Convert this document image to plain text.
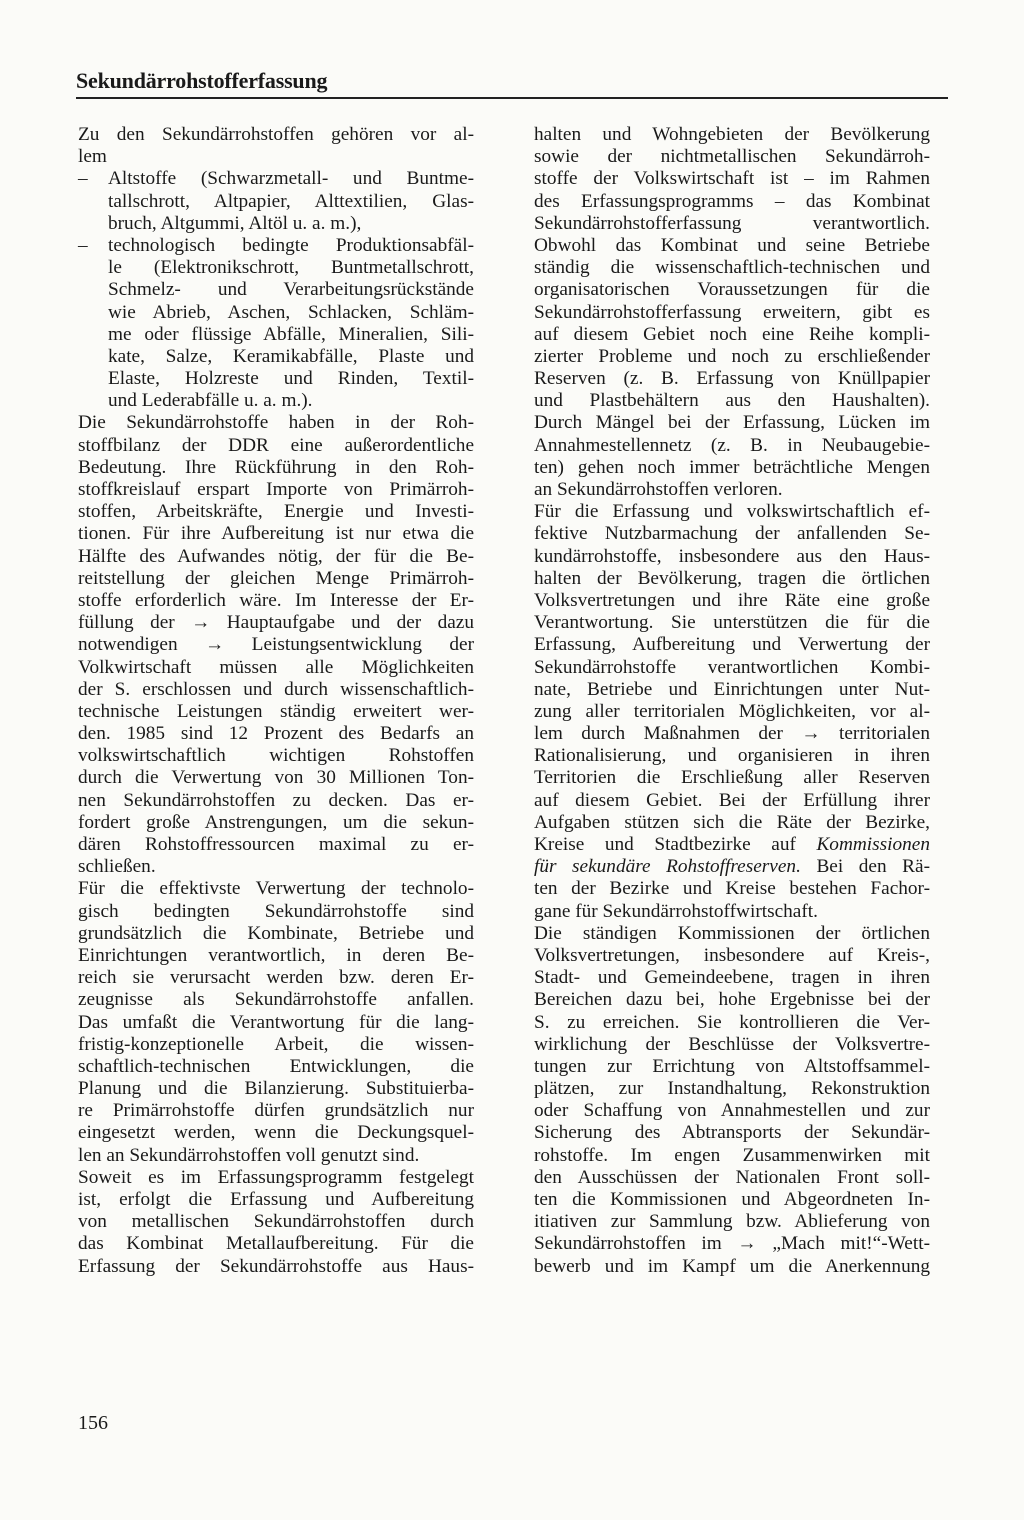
Sekundärrohstofferfassung
Zu den Sekundärrohstoffen gehören vor al-
lem
– Altstoffe (Schwarzmetall- und Buntme-
tallschrott, Altpapier, Alttextilien, Glas-
bruch, Altgummi, Altöl u. a. m.),
– technologisch bedingte Produktionsabfäl-
le (Elektronikschrott, Buntmetallschrott,
Schmelz- und Verarbeitungsrückstände
wie Abrieb, Aschen, Schlacken, Schläm-
me oder flüssige Abfälle, Mineralien, Sili-
kate, Salze, Keramikabfälle, Plaste und
Elaste, Holzreste und Rinden, Textil-
und Lederabfälle u. a. m.).
Die Sekundärrohstoffe haben in der Roh-
stoffbilanz der DDR eine außerordentliche
Bedeutung. Ihre Rückführung in den Roh-
stoffkreislauf erspart Importe von Primärroh-
stoffen, Arbeitskräfte, Energie und Investi-
tionen. Für ihre Aufbereitung ist nur etwa die
Hälfte des Aufwandes nötig, der für die Be-
reitstellung der gleichen Menge Primärroh-
stoffe erforderlich wäre. Im Interesse der Er-
füllung der → Hauptaufgabe und der dazu
notwendigen → Leistungsentwicklung der
Volkwirtschaft müssen alle Möglichkeiten
der S. erschlossen und durch wissenschaftlich-
technische Leistungen ständig erweitert wer-
den. 1985 sind 12 Prozent des Bedarfs an
volkswirtschaftlich wichtigen Rohstoffen
durch die Verwertung von 30 Millionen Ton-
nen Sekundärrohstoffen zu decken. Das er-
fordert große Anstrengungen, um die sekun-
dären Rohstoffressourcen maximal zu er-
schließen.
Für die effektivste Verwertung der technolo-
gisch bedingten Sekundärrohstoffe sind
grundsätzlich die Kombinate, Betriebe und
Einrichtungen verantwortlich, in deren Be-
reich sie verursacht werden bzw. deren Er-
zeugnisse als Sekundärrohstoffe anfallen.
Das umfaßt die Verantwortung für die lang-
fristig-konzeptionelle Arbeit, die wissen-
schaftlich-technischen Entwicklungen, die
Planung und die Bilanzierung. Substituierba-
re Primärrohstoffe dürfen grundsätzlich nur
eingesetzt werden, wenn die Deckungsquel-
len an Sekundärrohstoffen voll genutzt sind.
Soweit es im Erfassungsprogramm festgelegt
ist, erfolgt die Erfassung und Aufbereitung
von metallischen Sekundärrohstoffen durch
das Kombinat Metallaufbereitung. Für die
Erfassung der Sekundärrohstoffe aus Haus-
halten und Wohngebieten der Bevölkerung
sowie der nichtmetallischen Sekundärroh-
stoffe der Volkswirtschaft ist – im Rahmen
des Erfassungsprogramms – das Kombinat
Sekundärrohstofferfassung verantwortlich.
Obwohl das Kombinat und seine Betriebe
ständig die wissenschaftlich-technischen und
organisatorischen Voraussetzungen für die
Sekundärrohstofferfassung erweitern, gibt es
auf diesem Gebiet noch eine Reihe kompli-
zierter Probleme und noch zu erschließender
Reserven (z. B. Erfassung von Knüllpapier
und Plastbehältern aus den Haushalten).
Durch Mängel bei der Erfassung, Lücken im
Annahmestellennetz (z. B. in Neubaugebie-
ten) gehen noch immer beträchtliche Mengen
an Sekundärrohstoffen verloren.
Für die Erfassung und volkswirtschaftlich ef-
fektive Nutzbarmachung der anfallenden Se-
kundärrohstoffe, insbesondere aus den Haus-
halten der Bevölkerung, tragen die örtlichen
Volksvertretungen und ihre Räte eine große
Verantwortung. Sie unterstützen die für die
Erfassung, Aufbereitung und Verwertung der
Sekundärrohstoffe verantwortlichen Kombi-
nate, Betriebe und Einrichtungen unter Nut-
zung aller territorialen Möglichkeiten, vor al-
lem durch Maßnahmen der → territorialen
Rationalisierung, und organisieren in ihren
Territorien die Erschließung aller Reserven
auf diesem Gebiet. Bei der Erfüllung ihrer
Aufgaben stützen sich die Räte der Bezirke,
Kreise und Stadtbezirke auf Kommissionen
für sekundäre Rohstoffreserven. Bei den Rä-
ten der Bezirke und Kreise bestehen Fachor-
gane für Sekundärrohstoffwirtschaft.
Die ständigen Kommissionen der örtlichen
Volksvertretungen, insbesondere auf Kreis-,
Stadt- und Gemeindeebene, tragen in ihren
Bereichen dazu bei, hohe Ergebnisse bei der
S. zu erreichen. Sie kontrollieren die Ver-
wirklichung der Beschlüsse der Volksvertre-
tungen zur Errichtung von Altstoffsammel-
plätzen, zur Instandhaltung, Rekonstruktion
oder Schaffung von Annahmestellen und zur
Sicherung des Abtransports der Sekundär-
rohstoffe. Im engen Zusammenwirken mit
den Ausschüssen der Nationalen Front soll-
ten die Kommissionen und Abgeordneten In-
itiativen zur Sammlung bzw. Ablieferung von
Sekundärrohstoffen im → „Mach mit!“-Wett-
bewerb und im Kampf um die Anerkennung
156
